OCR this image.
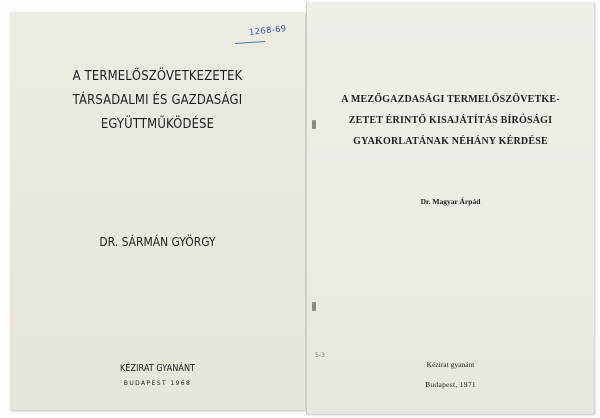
1268-69
A TERMELŐSZÖVETKEZETEK
TÁRSADALMI ÉS GAZDASÁGI
EGYÜTTMŰKÖDÉSE
DR. SÁRMÁN GYÖRGY
KÉZIRAT GYANÁNT
BUDAPEST 1968
5-3
A MEZŐGAZDASÁGI TERMELŐSZÖVETKE-
ZETET ÉRINTŐ KISAJÁTÍTÁS BÍRÓSÁGI
GYAKORLATÁNAK NÉHÁNY KÉRDÉSE
Dr. Magyar Árpád
Kézirat gyanánt
Budapest, 1971
